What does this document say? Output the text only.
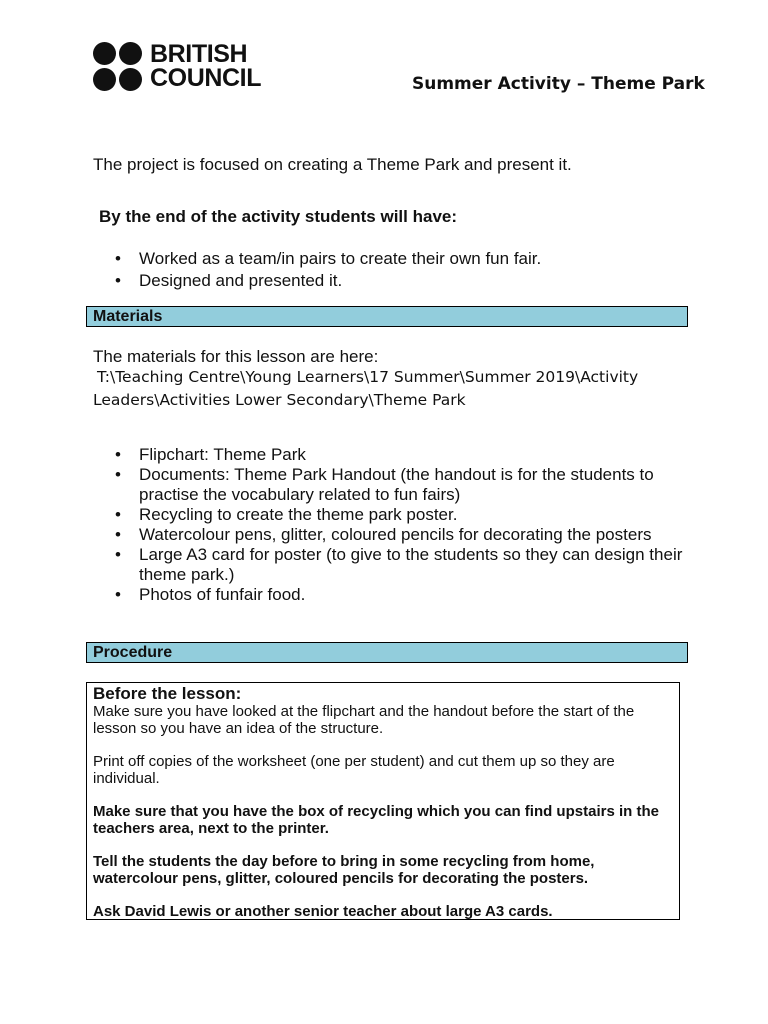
BRITISH
COUNCIL	Summer Activity – Theme Park
The project is focused on creating a Theme Park and present it.
By the end of the activity students will have:
• Worked as a team/in pairs to create their own fun fair.
• Designed and presented it.
Materials
The materials for this lesson are here:
T:\Teaching Centre\Young Learners\17 Summer\Summer 2019\Activity
Leaders\Activities Lower Secondary\Theme Park
• Flipchart: Theme Park
• Documents: Theme Park Handout (the handout is for the students to practise the vocabulary related to fun fairs)
• Recycling to create the theme park poster.
• Watercolour pens, glitter, coloured pencils for decorating the posters
• Large A3 card for poster (to give to the students so they can design their theme park.)
• Photos of funfair food.
Procedure
Before the lesson:

Make sure you have looked at the flipchart and the handout before the start of the lesson so you have an idea of the structure.

Print off copies of the worksheet (one per student) and cut them up so they are individual.

Make sure that you have the box of recycling which you can find upstairs in the teachers area, next to the printer.

Tell the students the day before to bring in some recycling from home, watercolour pens, glitter, coloured pencils for decorating the posters.

Ask David Lewis or another senior teacher about large A3 cards.
